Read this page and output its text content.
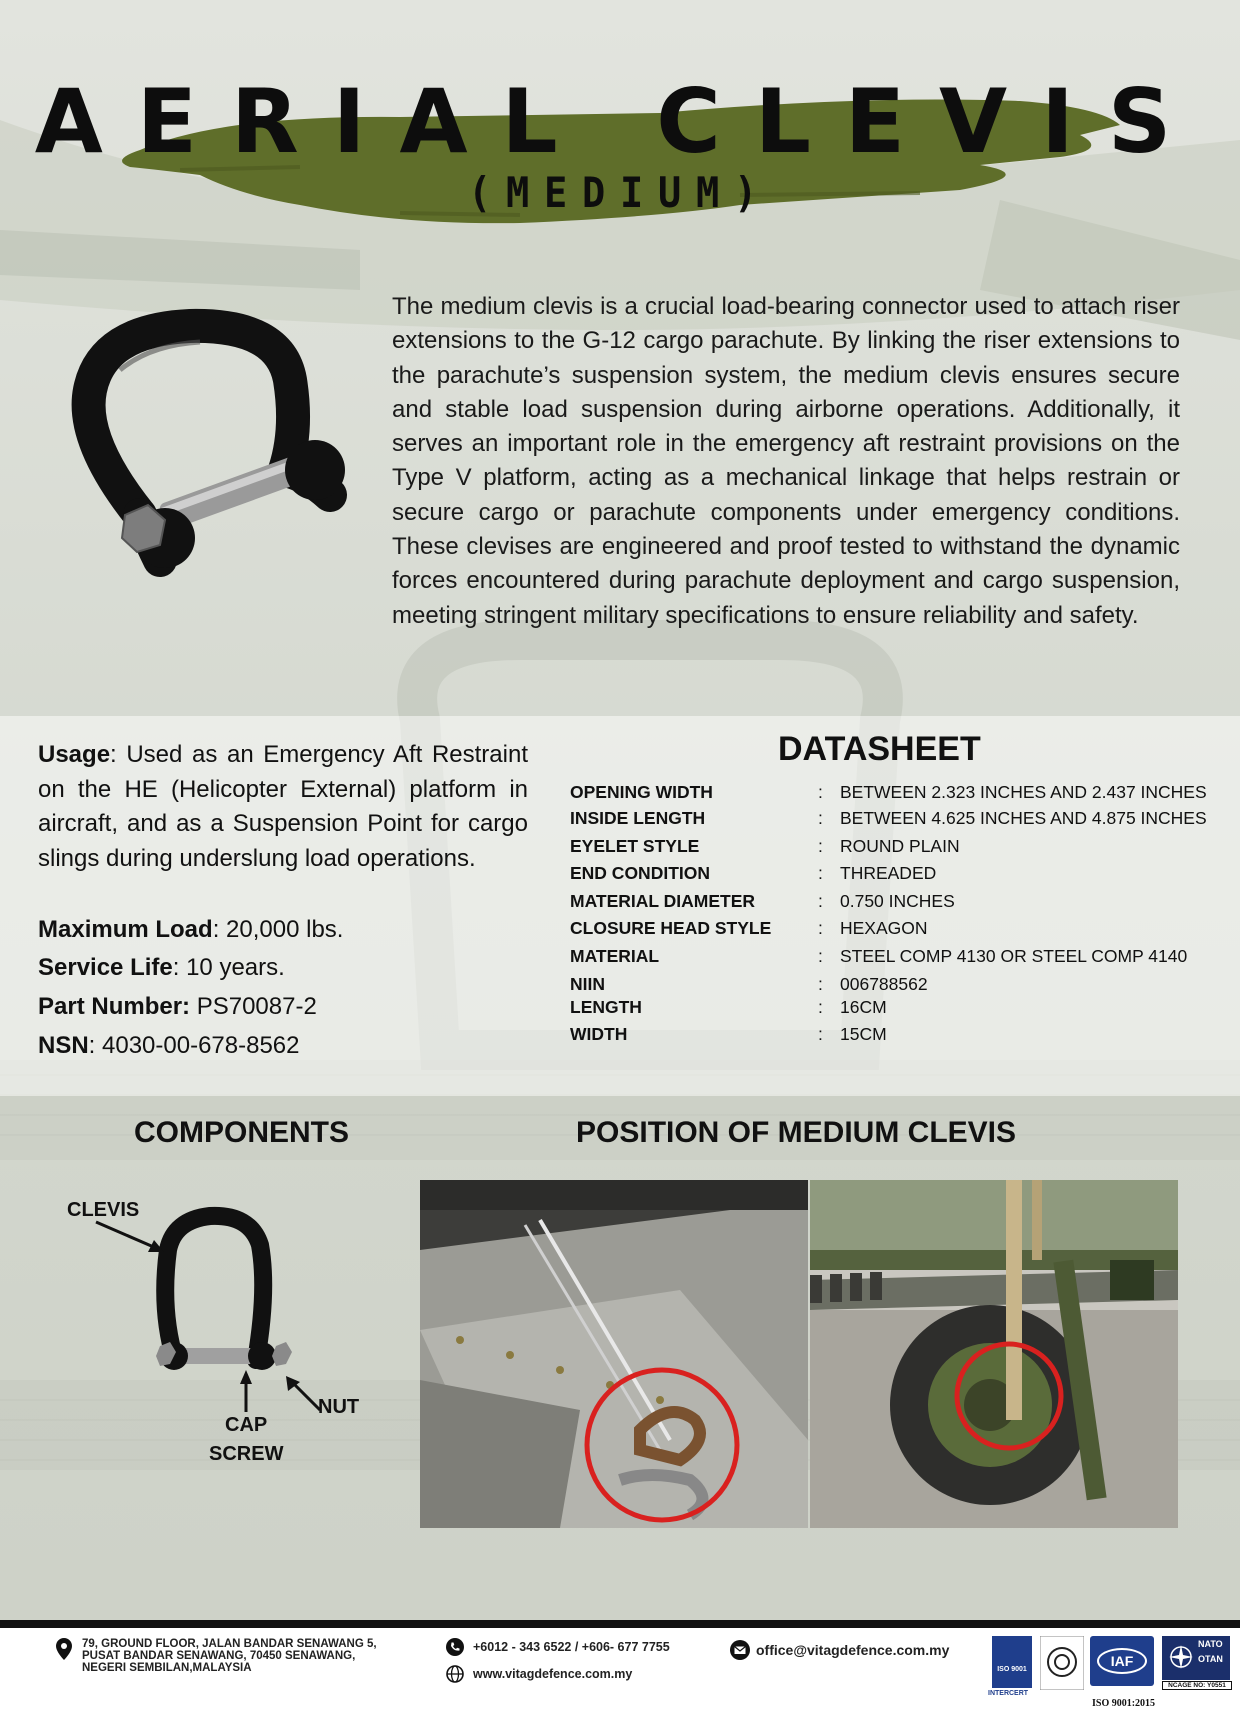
AERIAL CLEVIS
(MEDIUM)

The medium clevis is a crucial load-bearing connector used to attach riser extensions to the G-12 cargo parachute. By linking the riser extensions to the parachute’s suspension system, the medium clevis ensures secure and stable load suspension during airborne operations. Additionally, it serves an important role in the emergency aft restraint provisions on the Type V platform, acting as a mechanical linkage that helps restrain or secure cargo or parachute components under emergency conditions. These clevises are engineered and proof tested to withstand the dynamic forces encountered during parachute deployment and cargo suspension, meeting stringent military specifications to ensure reliability and safety.

Usage: Used as an Emergency Aft Restraint on the HE (Helicopter External) platform in aircraft, and as a Suspension Point for cargo slings during underslung load operations.

Maximum Load: 20,000 lbs.

Service Life: 10 years.

Part Number: PS70087-2

NSN: 4030-00-678-8562

DATASHEET
OPENING WIDTH	: BETWEEN 2.323 INCHES AND 2.437 INCHES
INSIDE LENGTH	: BETWEEN 4.625 INCHES AND 4.875 INCHES
EYELET STYLE	: ROUND PLAIN
END CONDITION	: THREADED
MATERIAL DIAMETER	: 0.750 INCHES
CLOSURE HEAD STYLE	: HEXAGON
MATERIAL	: STEEL COMP 4130 OR STEEL COMP 4140
NIIN	: 006788562
LENGTH	: 16CM
WIDTH	: 15CM
COMPONENTS	POSITION OF MEDIUM CLEVIS
CLEVIS
NUT
CAP
SCREW
79, GROUND FLOOR, JALAN BANDAR SENAWANG 5,
PUSAT BANDAR SENAWANG, 70450 SENAWANG,
NEGERI SEMBILAN,MALAYSIA
+6012 - 343 6522 / +606- 677 7755
www.vitagdefence.com.my
office@vitagdefence.com.my
ISO 9001
INTERCERT
IAF
NATO
OTAN
NCAGE NO: Y0551
ISO 9001:2015
